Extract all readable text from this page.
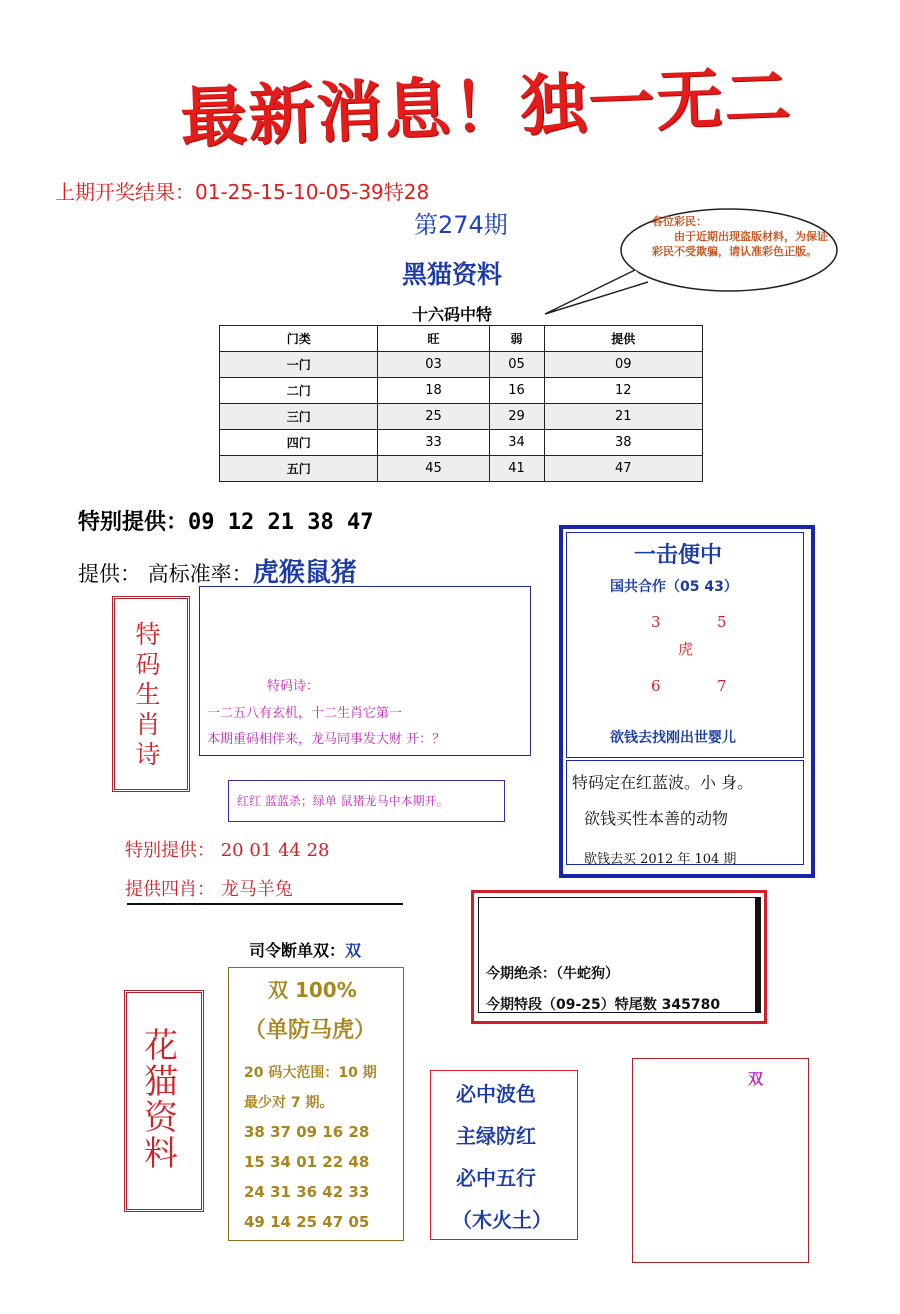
最新消息！独一无二
上期开奖结果：01-25-15-10-05-39特28
第274期	各位彩民：
由于近期出现盗版材料，为保证彩民不受欺骗，请认准彩色正版。
黑猫资料
十六码中特
门类	旺	弱	提供
一门	03	05	09
二门	18	16	12
三门	25	29	21
四门	33	34	38
五门	45	41	47
特别提供：09 12 21 38 47
提供： 高标准率：虎猴鼠猪
特码生肖诗
特码诗：
一二五八有玄机，十二生肖它第一
本期重码相伴来，龙马同事发大财 开：？
红红 蓝蓝杀；绿单 鼠猪龙马中本期开。
特别提供： 20 01 44 28
提供四肖： 龙马羊兔
一击便中
国共合作（05 43）
3	5
虎
6	7
欲钱去找刚出世婴儿
特码定在红蓝波。小 身。
欲钱买性本善的动物
歇钱去买 2012 年 104 期
今期绝杀：（牛蛇狗）
今期特段（09-25）特尾数 345780
司令断单双：双
花猫资料
双 100%
（单防马虎）
20 码大范围：10 期
最少对 7 期。
38 37 09 16 28
15 34 01 22 48
24 31 36 42 33
49 14 25 47 05
必中波色
主绿防红
必中五行
（木火土）
双
